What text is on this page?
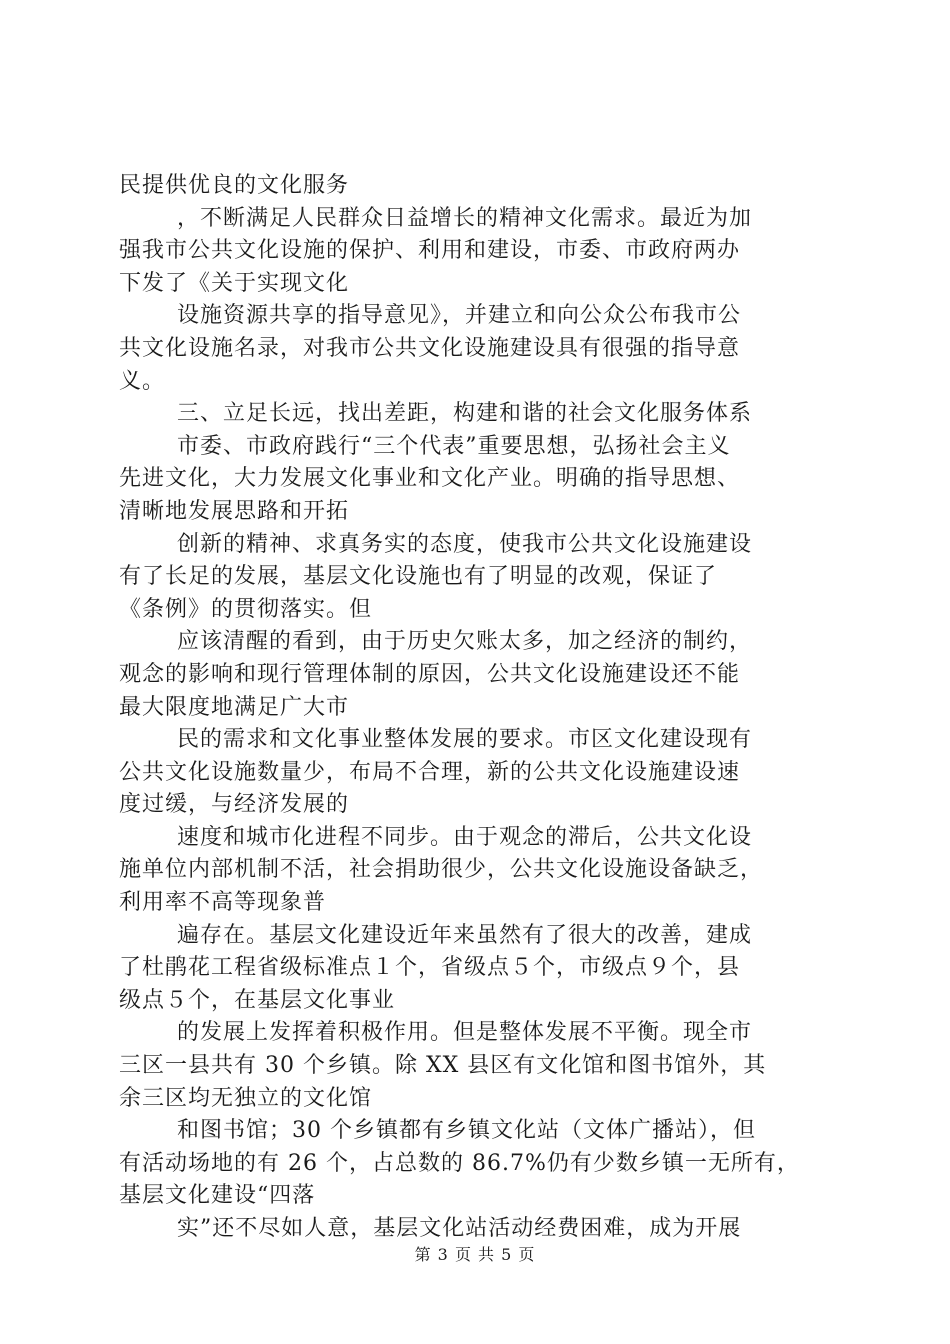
民提供优良的文化服务
，不断满足人民群众日益增长的精神文化需求。最近为加
强我市公共文化设施的保护、利用和建设，市委、市政府两办
下发了《关于实现文化
设施资源共享的指导意见》，并建立和向公众公布我市公
共文化设施名录，对我市公共文化设施建设具有很强的指导意
义。
三、立足长远，找出差距，构建和谐的社会文化服务体系
市委、市政府践行“三个代表”重要思想，弘扬社会主义
先进文化，大力发展文化事业和文化产业。明确的指导思想、
清晰地发展思路和开拓
创新的精神、求真务实的态度，使我市公共文化设施建设
有了长足的发展，基层文化设施也有了明显的改观，保证了
《条例》的贯彻落实。但
应该清醒的看到，由于历史欠账太多，加之经济的制约，
观念的影响和现行管理体制的原因，公共文化设施建设还不能
最大限度地满足广大市
民的需求和文化事业整体发展的要求。市区文化建设现有
公共文化设施数量少，布局不合理，新的公共文化设施建设速
度过缓，与经济发展的
速度和城市化进程不同步。由于观念的滞后，公共文化设
施单位内部机制不活，社会捐助很少，公共文化设施设备缺乏，
利用率不高等现象普
遍存在。基层文化建设近年来虽然有了很大的改善，建成
了杜鹃花工程省级标准点１个，省级点５个，市级点９个，县
级点５个，在基层文化事业
的发展上发挥着积极作用。但是整体发展不平衡。现全市
三区一县共有 30 个乡镇。除 XX 县区有文化馆和图书馆外，其
余三区均无独立的文化馆
和图书馆；30 个乡镇都有乡镇文化站（文体广播站），但
有活动场地的有 26 个，占总数的 86.7%仍有少数乡镇一无所有，
基层文化建设“四落
实”还不尽如人意，基层文化站活动经费困难，成为开展
第 3 页 共 5 页
